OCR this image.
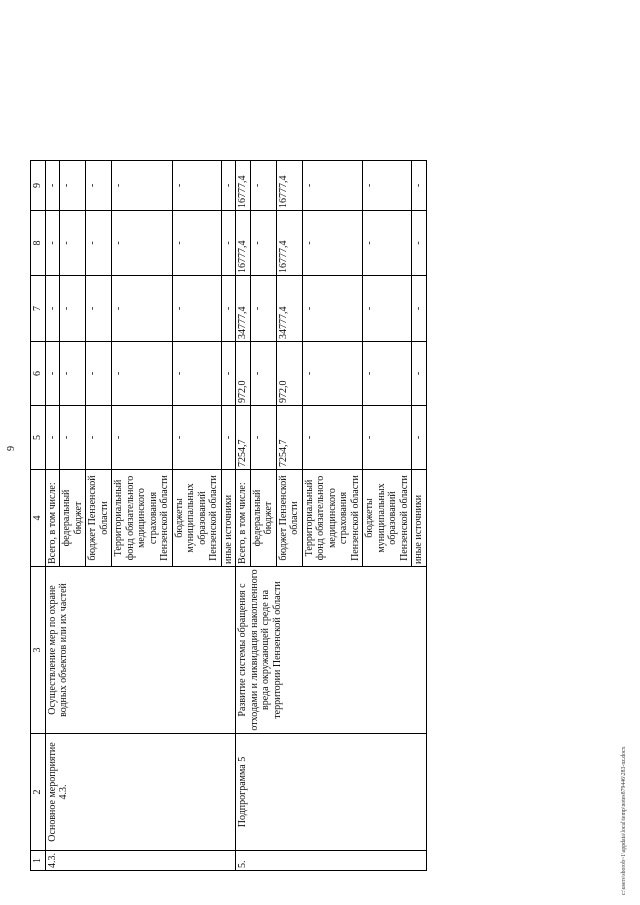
9
1	2	3	4	5	6	7	8	9
4.3.	Основное мероприятие 4.3.	Осуществление мер по охране водных объектов или их частей	Всего, в том числе:	-	-	-	-	-
			федеральный бюджет	-	-	-	-	-
			бюджет Пензенской области	-	-	-	-	-
			Территориальный фонд обязательного медицинского страхования Пензенской области	-	-	-	-	-
			бюджеты муниципальных образований Пензенской области	-	-	-	-	-
			иные источники	-	-	-	-	-
5.	Подпрограмма 5	Развитие системы обращения с отходами и ликвидация накопленного вреда окружающей среде на территории Пензенской области	Всего, в том числе:	7254,7	972,0	34777,4	16777,4	16777,4
			федеральный бюджет	-	-	-	-	-
			бюджет Пензенской области	7254,7	972,0	34777,4	16777,4	16777,4
			Территориальный фонд обязательного медицинского страхования Пензенской области	-	-	-	-	-
			бюджеты муниципальных образований Пензенской области	-	-	-	-	-
			иные источники	-	-	-	-	-
c:\users\sborob~1\appdata\local\temp\notes879446\283-nz.docx
